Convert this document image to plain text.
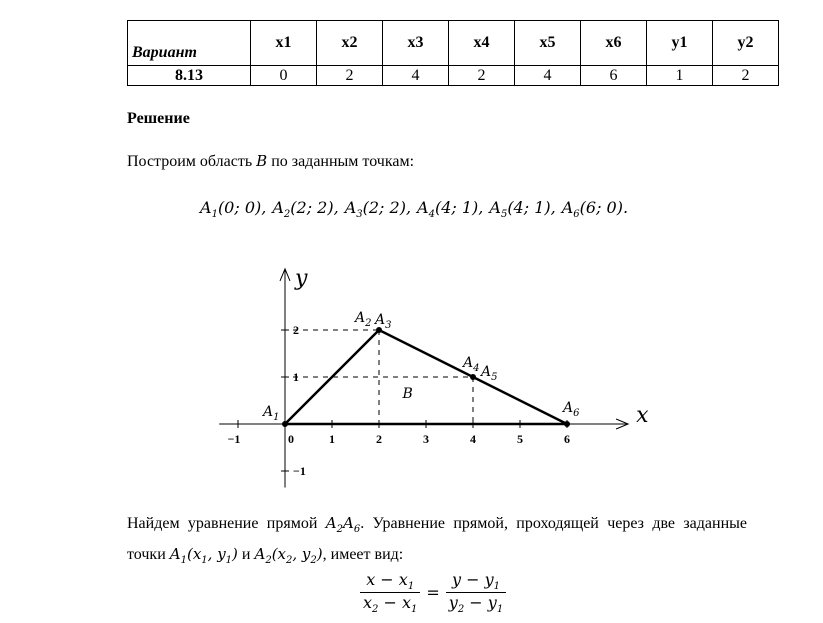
Вариант	x1	x2	x3	x4	x5	x6	y1	y2
8.13	0	2	4	2	4	6	1	2
Решение
Построим область B по заданным точкам:
$A_1(0$; 0), $A_2(2$; 2), $A_3(2$; 2), $A_4(4$; 1), $A_5(4$; 1), $A_6(6$; 0).
−1	0	1	2	3	4	5	6
2
1
−1
x
y
$A_1$
$A_2$ $A_3$
$A_4$ $A_5$
$A_6$
B
Найдем уравнение прямой $A_2A_6$. Уравнение прямой, проходящей через две заданные точки $A_1(x_1$, $y_1$) и $A_2(x_2$, $y_2$), имеет вид:
$\frac{x - x_1}{x_2 - x_1} = \frac{y - y_1}{y_2 - y_1}$
